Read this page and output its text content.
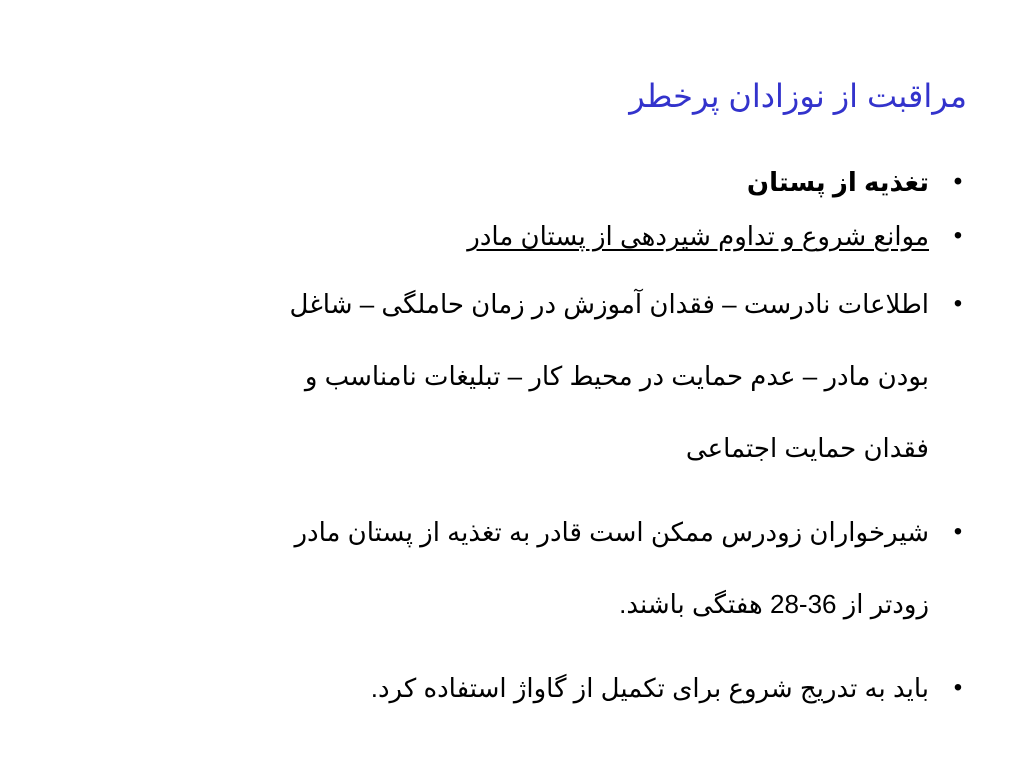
مراقبت از نوزادان پرخطر
•
تغذیه از پستان
•
موانع شروع و تداوم شیردهی از پستان مادر
•
اطلاعات نادرست – فقدان آموزش در زمان حاملگی – شاغل
بودن مادر – عدم حمایت در محیط کار – تبلیغات نامناسب و
فقدان حمایت اجتماعی
•
شیرخواران زودرس ممکن است قادر به تغذیه از پستان مادر
زودتر از 36-28 هفتگی باشند.
•
باید به تدریج شروع برای تکمیل از گاواژ استفاده کرد.
